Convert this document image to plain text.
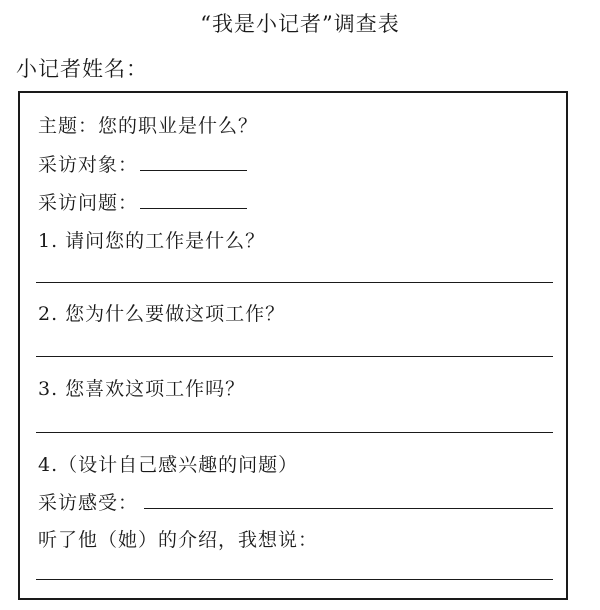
“我是小记者”调查表
小记者姓名：
主题：您的职业是什么？
采访对象：
采访问题：
1. 请问您的工作是什么？
2. 您为什么要做这项工作？
3. 您喜欢这项工作吗？
4.（设计自己感兴趣的问题）
采访感受：
听了他（她）的介绍，我想说：
